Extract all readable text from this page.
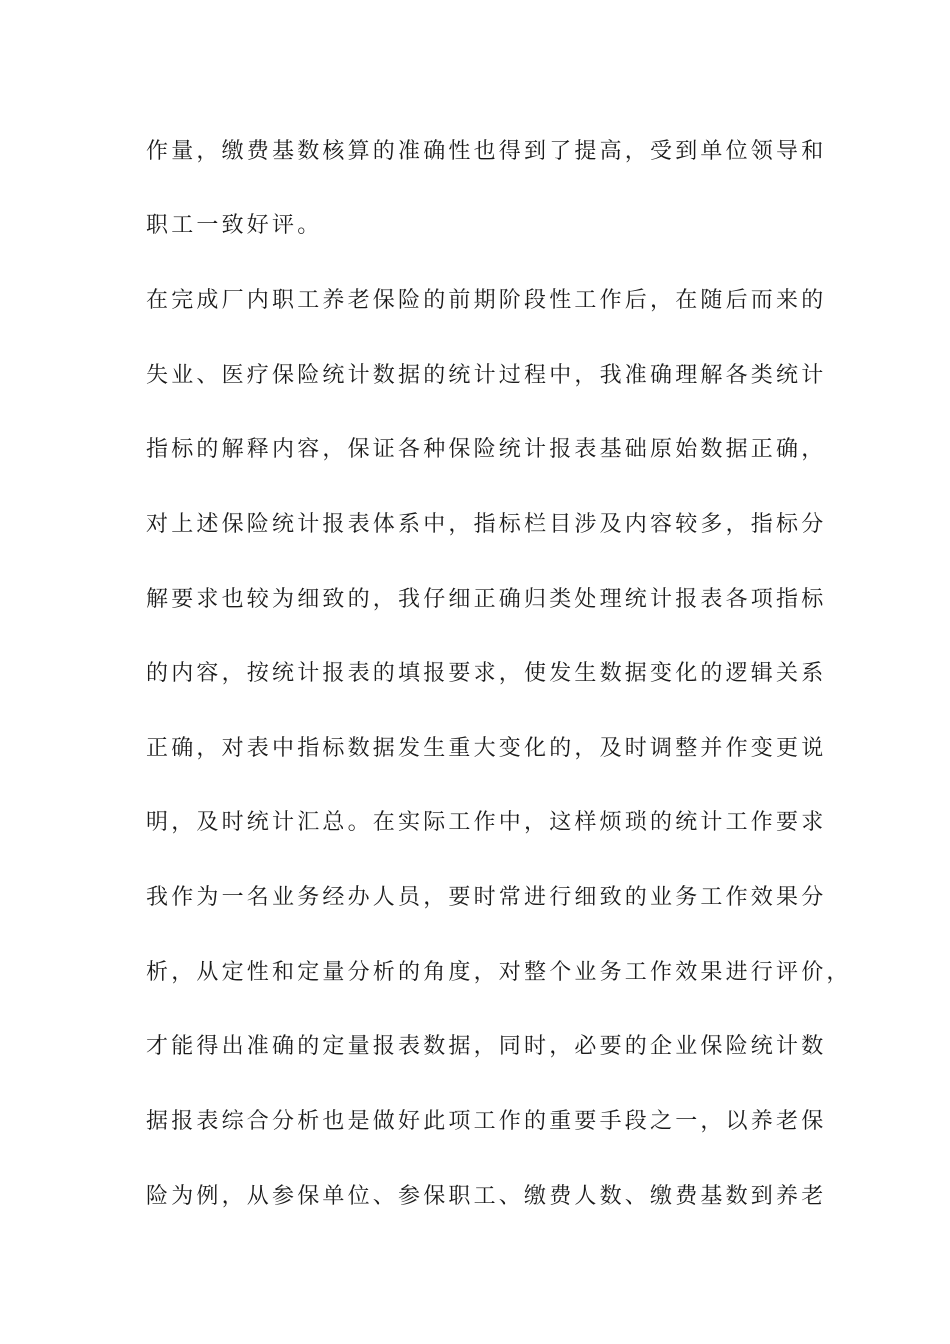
作量，缴费基数核算的准确性也得到了提高，受到单位领导和
职工一致好评。
在完成厂内职工养老保险的前期阶段性工作后，在随后而来的
失业、医疗保险统计数据的统计过程中，我准确理解各类统计
指标的解释内容，保证各种保险统计报表基础原始数据正确，
对上述保险统计报表体系中，指标栏目涉及内容较多，指标分
解要求也较为细致的，我仔细正确归类处理统计报表各项指标
的内容，按统计报表的填报要求，使发生数据变化的逻辑关系
正确，对表中指标数据发生重大变化的，及时调整并作变更说
明，及时统计汇总。在实际工作中，这样烦琐的统计工作要求
我作为一名业务经办人员，要时常进行细致的业务工作效果分
析，从定性和定量分析的角度，对整个业务工作效果进行评价，
才能得出准确的定量报表数据，同时，必要的企业保险统计数
据报表综合分析也是做好此项工作的重要手段之一，以养老保
险为例，从参保单位、参保职工、缴费人数、缴费基数到养老
